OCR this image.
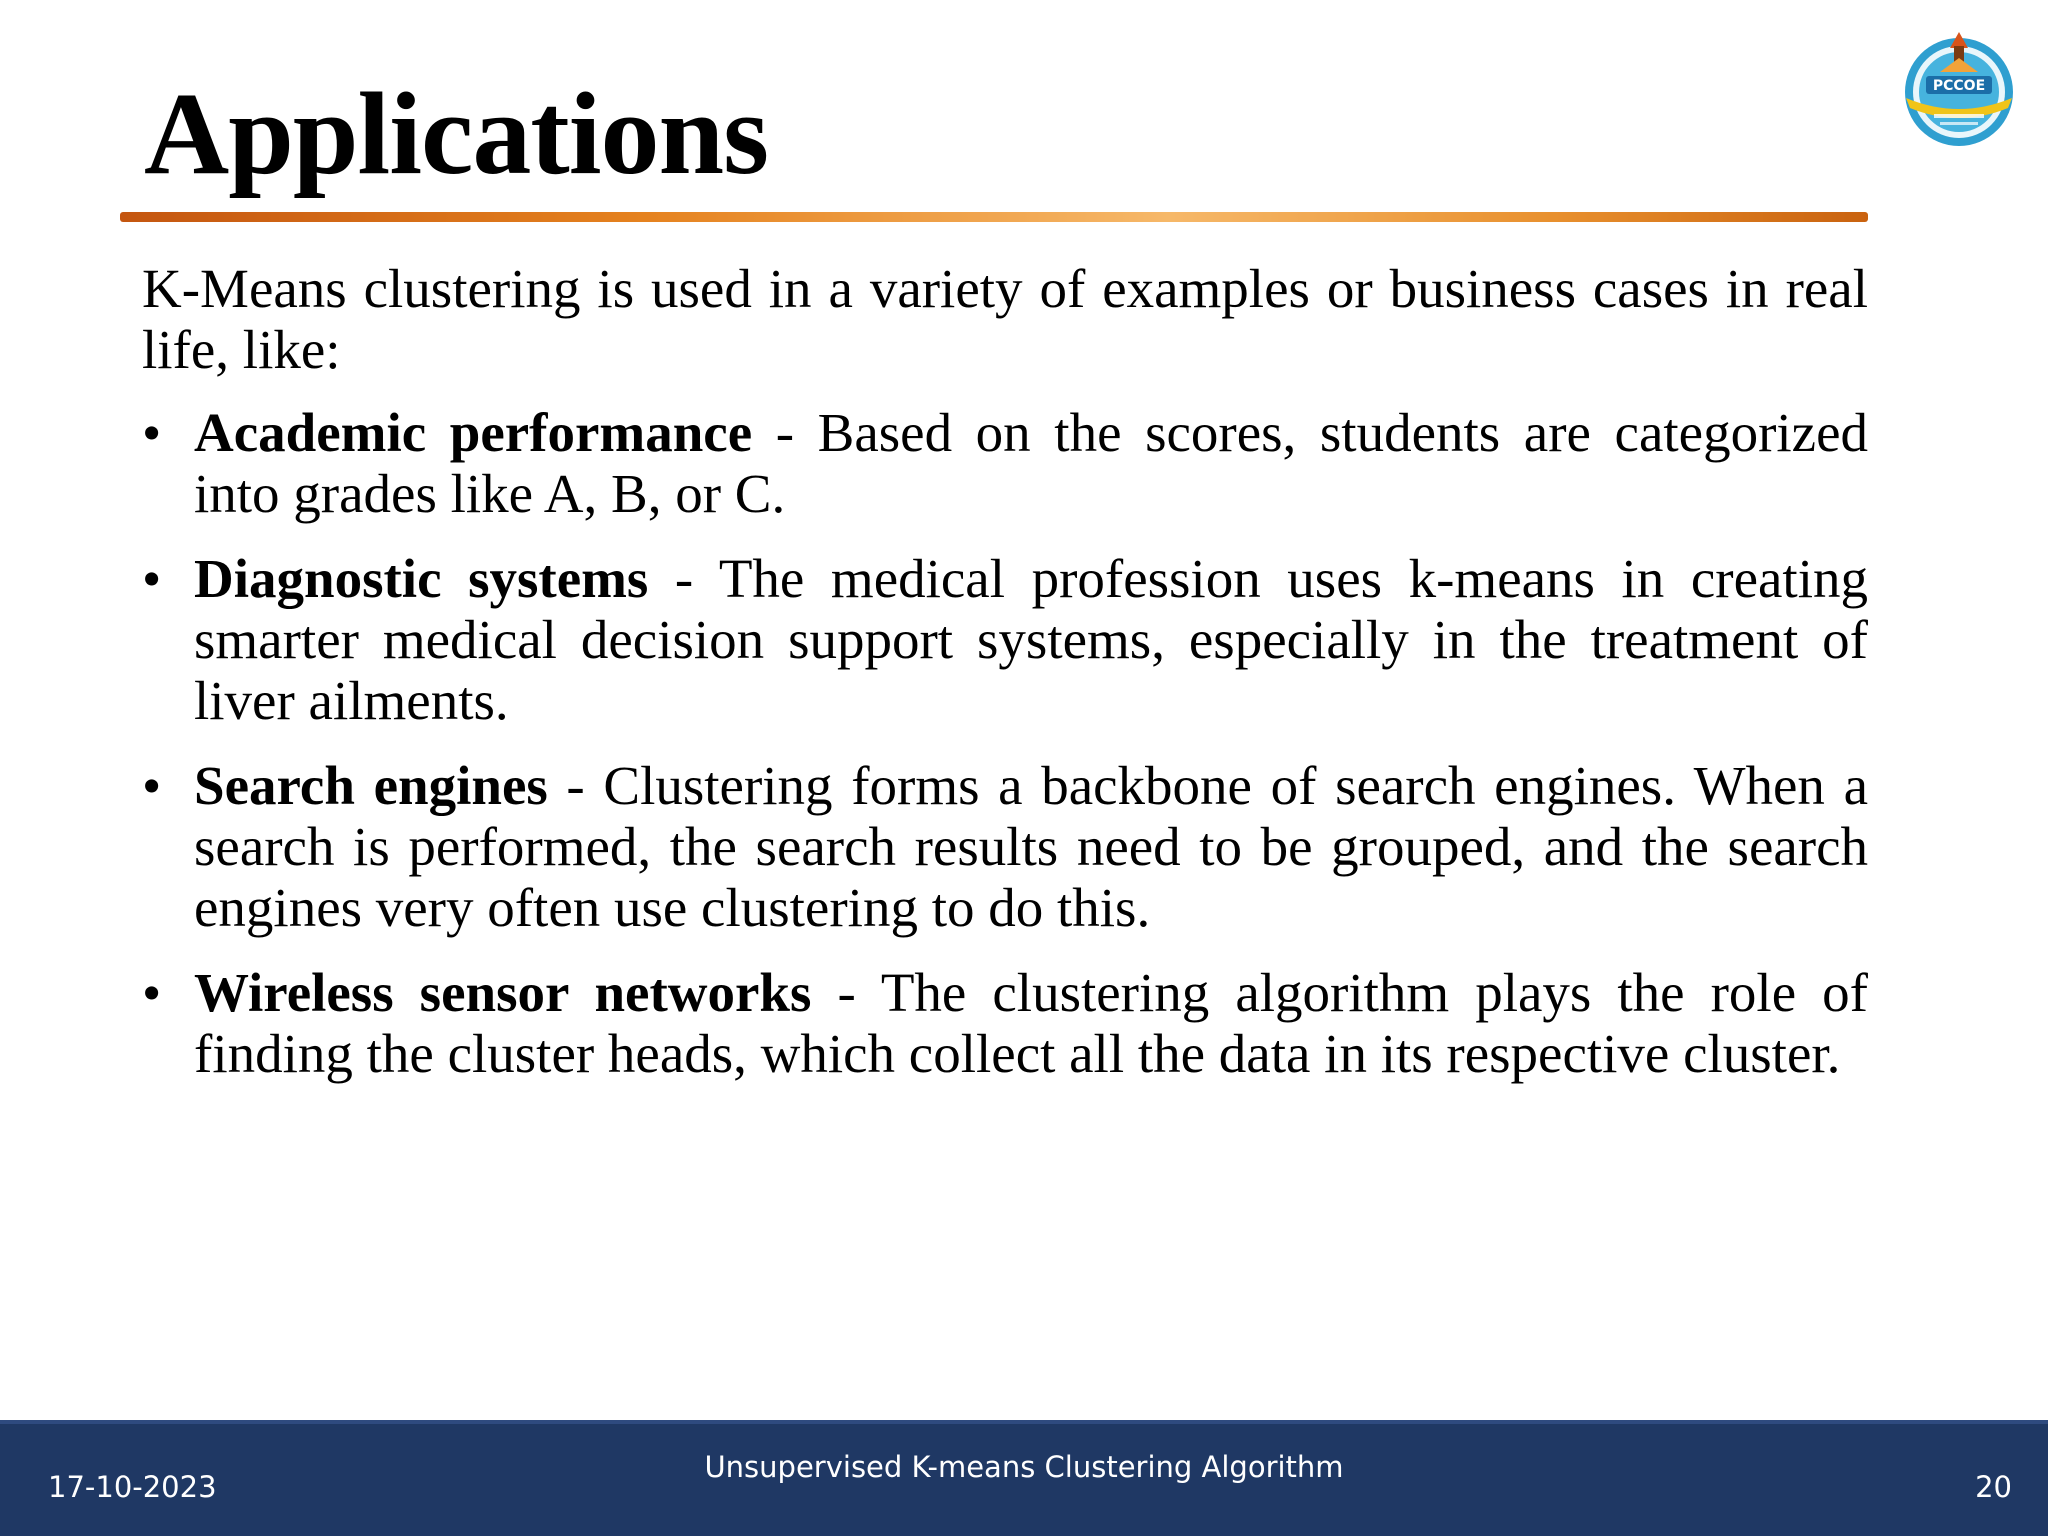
Applications	PCCOE

K-Means clustering is used in a variety of examples or business cases in real life, like:

• Academic performance - Based on the scores, students are categorized into grades like A, B, or C.
• Diagnostic systems - The medical profession uses k-means in creating smarter medical decision support systems, especially in the treatment of liver ailments.
• Search engines - Clustering forms a backbone of search engines. When a search is performed, the search results need to be grouped, and the search engines very often use clustering to do this.
• Wireless sensor networks - The clustering algorithm plays the role of finding the cluster heads, which collect all the data in its respective cluster.
17-10-2023
Unsupervised K-means Clustering Algorithm
20
